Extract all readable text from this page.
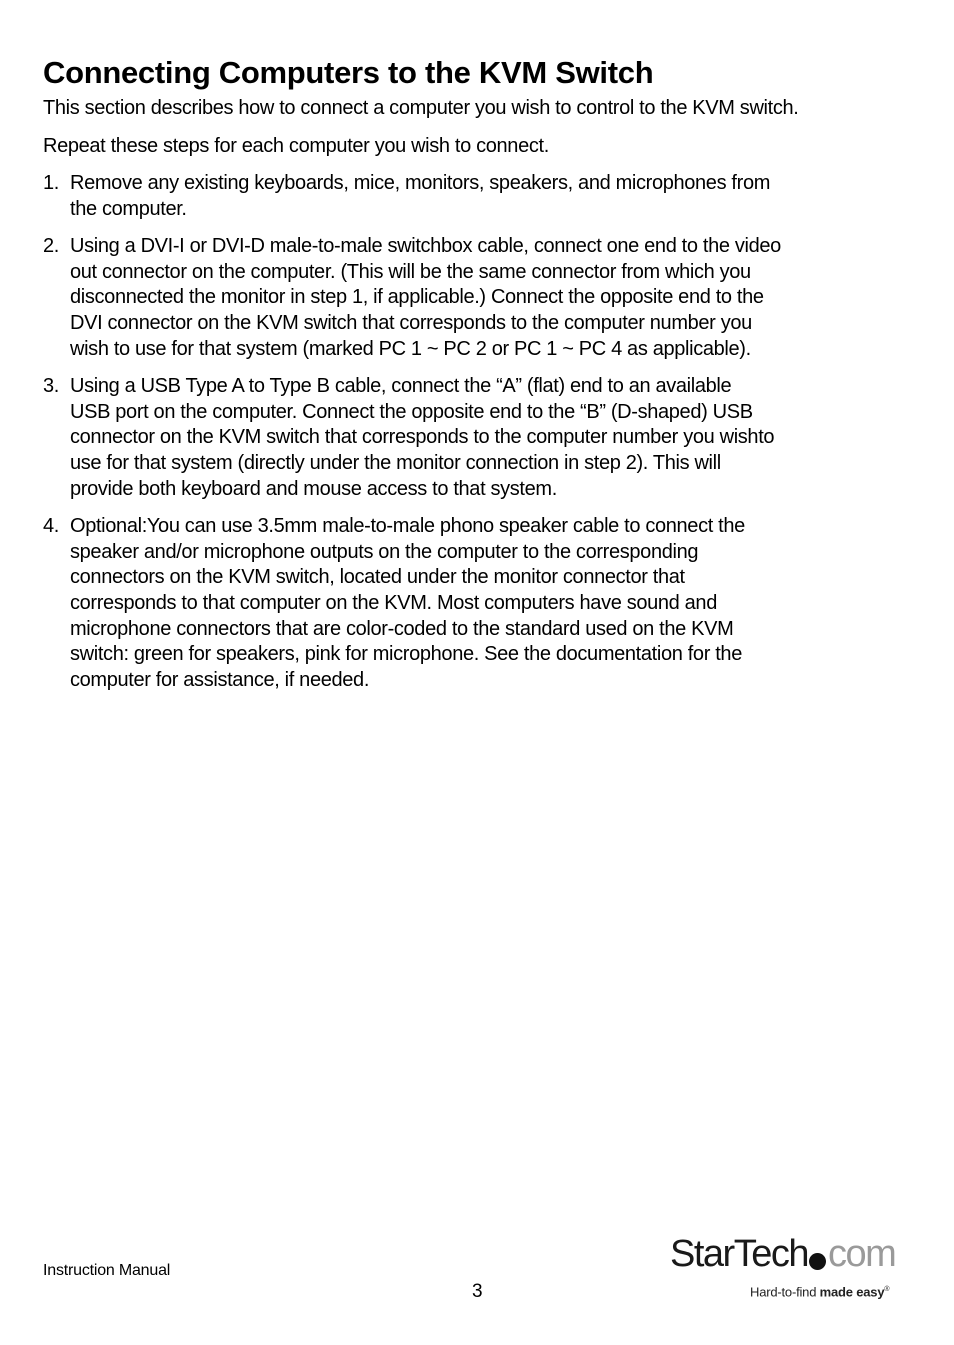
Connecting Computers to the KVM Switch

This section describes how to connect a computer you wish to control to the KVM switch.

Repeat these steps for each computer you wish to connect.

1. Remove any existing keyboards, mice, monitors, speakers, and microphones from
the computer.
2. Using a DVI-I or DVI-D male-to-male switchbox cable, connect one end to the video
out connector on the computer. (This will be the same connector from which you
disconnected the monitor in step 1, if applicable.) Connect the opposite end to the
DVI connector on the KVM switch that corresponds to the computer number you
wish to use for that system (marked PC 1 ~ PC 2 or PC 1 ~ PC 4 as applicable).
3. Using a USB Type A to Type B cable, connect the “A” (flat) end to an available
USB port on the computer. Connect the opposite end to the “B” (D-shaped) USB
connector on the KVM switch that corresponds to the computer number you wishto
use for that system (directly under the monitor connection in step 2). This will
provide both keyboard and mouse access to that system.
4. Optional:You can use 3.5mm male-to-male phono speaker cable to connect the
speaker and/or microphone outputs on the computer to the corresponding
connectors on the KVM switch, located under the monitor connector that
corresponds to that computer on the KVM. Most computers have sound and
microphone connectors that are color-coded to the standard used on the KVM
switch: green for speakers, pink for microphone. See the documentation for the
computer for assistance, if needed.
Instruction Manual
3
StarTech com
Hard-to-find made easy®
